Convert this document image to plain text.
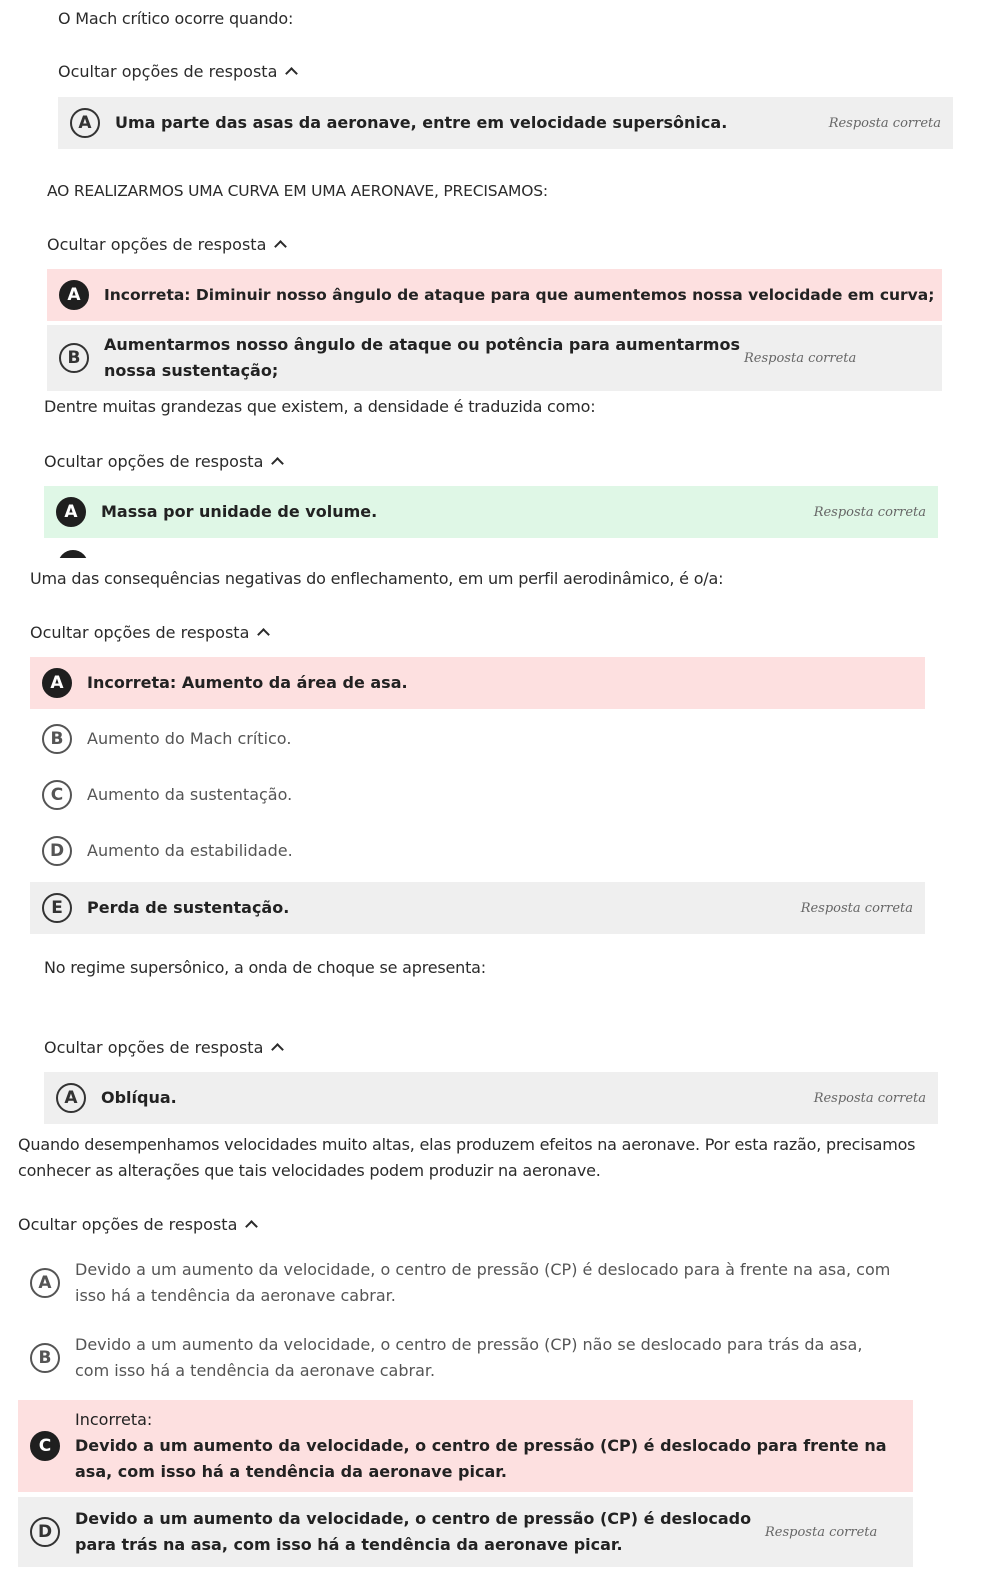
O Mach crítico ocorre quando:
Ocultar opções de resposta
A	Uma parte das asas da aeronave, entre em velocidade supersônica.	Resposta correta
AO REALIZARMOS UMA CURVA EM UMA AERONAVE, PRECISAMOS:
Ocultar opções de resposta
A	Incorreta: Diminuir nosso ângulo de ataque para que aumentemos nossa velocidade em curva;
B
Aumentarmos nosso ângulo de ataque ou potência para aumentarmos nossa sustentação;
Resposta correta
Dentre muitas grandezas que existem, a densidade é traduzida como:
Ocultar opções de resposta
A	Massa por unidade de volume.	Resposta correta
Uma das consequências negativas do enflechamento, em um perfil aerodinâmico, é o/a:
Ocultar opções de resposta
A	Incorreta: Aumento da área de asa.
B	Aumento do Mach crítico.
C	Aumento da sustentação.
D	Aumento da estabilidade.
E	Perda de sustentação.	Resposta correta
No regime supersônico, a onda de choque se apresenta:
Ocultar opções de resposta
A	Oblíqua.	Resposta correta
Quando desempenhamos velocidades muito altas, elas produzem efeitos na aeronave. Por esta razão, precisamos conhecer as alterações que tais velocidades podem produzir na aeronave.
Ocultar opções de resposta
A
Devido a um aumento da velocidade, o centro de pressão (CP) é deslocado para à frente na asa, com isso há a tendência da aeronave cabrar.
B
Devido a um aumento da velocidade, o centro de pressão (CP) não se deslocado para trás da asa, com isso há a tendência da aeronave cabrar.
C
Incorreta:
Devido a um aumento da velocidade, o centro de pressão (CP) é deslocado para frente na asa, com isso há a tendência da aeronave picar.
D
Devido a um aumento da velocidade, o centro de pressão (CP) é deslocado para trás na asa, com isso há a tendência da aeronave picar.
Resposta correta
